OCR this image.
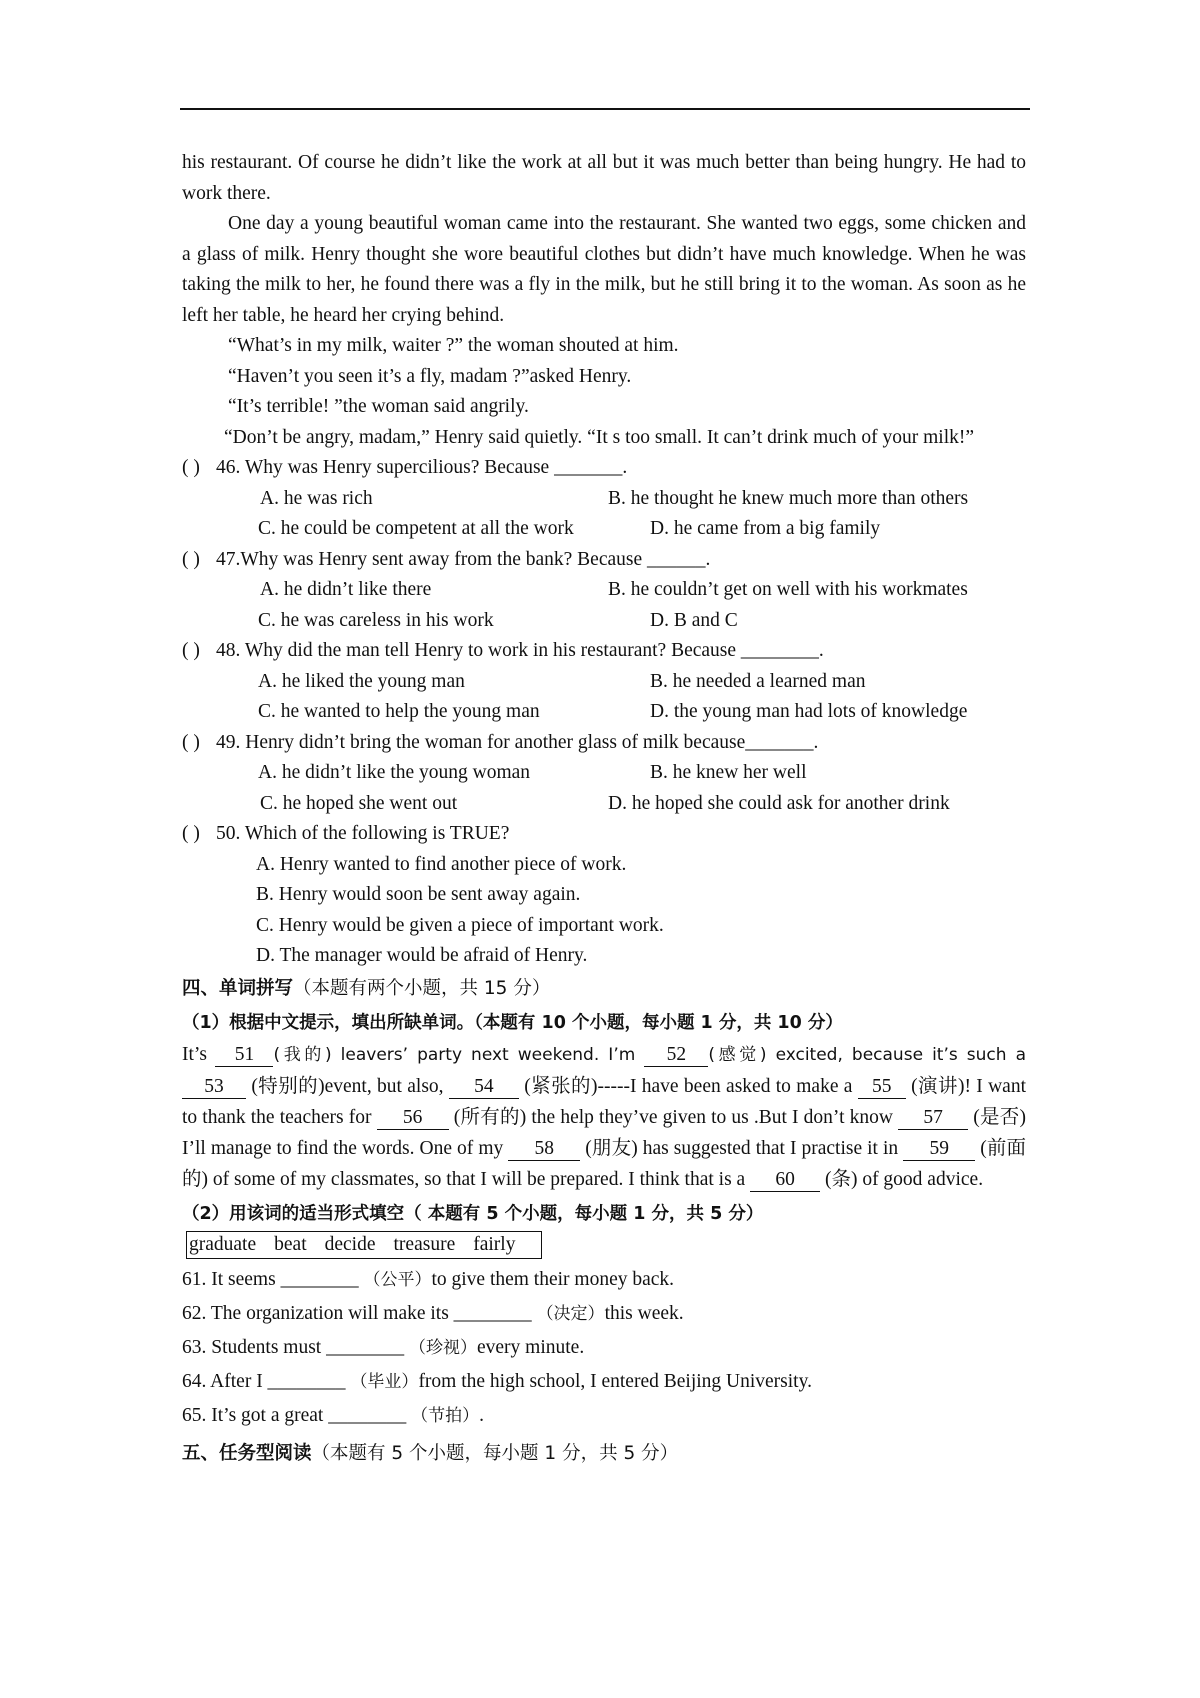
his restaurant. Of course he didn’t like the work at all but it was much better than being hungry. He had to work there.

One day a young beautiful woman came into the restaurant. She wanted two eggs, some chicken and a glass of milk. Henry thought she wore beautiful clothes but didn’t have much knowledge. When he was taking the milk to her, he found there was a fly in the milk, but he still bring it to the woman. As soon as he left her table, he heard her crying behind.

“What’s in my milk, waiter ?” the woman shouted at him.

“Haven’t you seen it’s a fly, madam ?”asked Henry.

“It’s terrible! ”the woman said angrily.

“Don’t be angry, madam,” Henry said quietly. “It s too small. It can’t drink much of your milk!”

( ) 46. Why was Henry supercilious? Because _______.

A. he was rich	B. he thought he knew much more than others
C. he could be competent at all the work	D. he came from a big family

( ) 47.Why was Henry sent away from the bank? Because ______.

A. he didn’t like there	B. he couldn’t get on well with his workmates
C. he was careless in his work	D. B and C

( ) 48. Why did the man tell Henry to work in his restaurant? Because ________.

A. he liked the young man	B. he needed a learned man
C. he wanted to help the young man	D. the young man had lots of knowledge

( ) 49. Henry didn’t bring the woman for another glass of milk because_______.

A. he didn’t like the young woman	B. he knew her well
C. he hoped she went out	D. he hoped she could ask for another drink

( ) 50. Which of the following is TRUE?

A. Henry wanted to find another piece of work.

B. Henry would soon be sent away again.

C. Henry would be given a piece of important work.

D. The manager would be afraid of Henry.

四、单词拼写（本题有两个小题，共 15 分）

（1）根据中文提示，填出所缺单词。（本题有 10 个小题，每小题 1 分，共 10 分）

It’s 51 (我的) leavers’ party next weekend. I’m 52 (感觉) excited, because it’s such a 53 (特别的)event, but also, 54 (紧张的)-----I have been asked to make a 55 (演讲)! I want to thank the teachers for 56 (所有的) the help they’ve given to us .But I don’t know 57 (是否) I’ll manage to find the words. One of my 58 (朋友) has suggested that I practise it in 59 (前面的) of some of my classmates, so that I will be prepared. I think that is a 60 (条) of good advice.

（2）用该词的适当形式填空（ 本题有 5 个小题，每小题 1 分，共 5 分）

graduate beat decide treasure fairly

61. It seems ________ （公平）to give them their money back.

62. The organization will make its ________ （决定）this week.

63. Students must ________ （珍视）every minute.

64. After I ________ （毕业）from the high school, I entered Beijing University.

65. It’s got a great ________ （节拍）.

五、任务型阅读（本题有 5 个小题，每小题 1 分，共 5 分）
